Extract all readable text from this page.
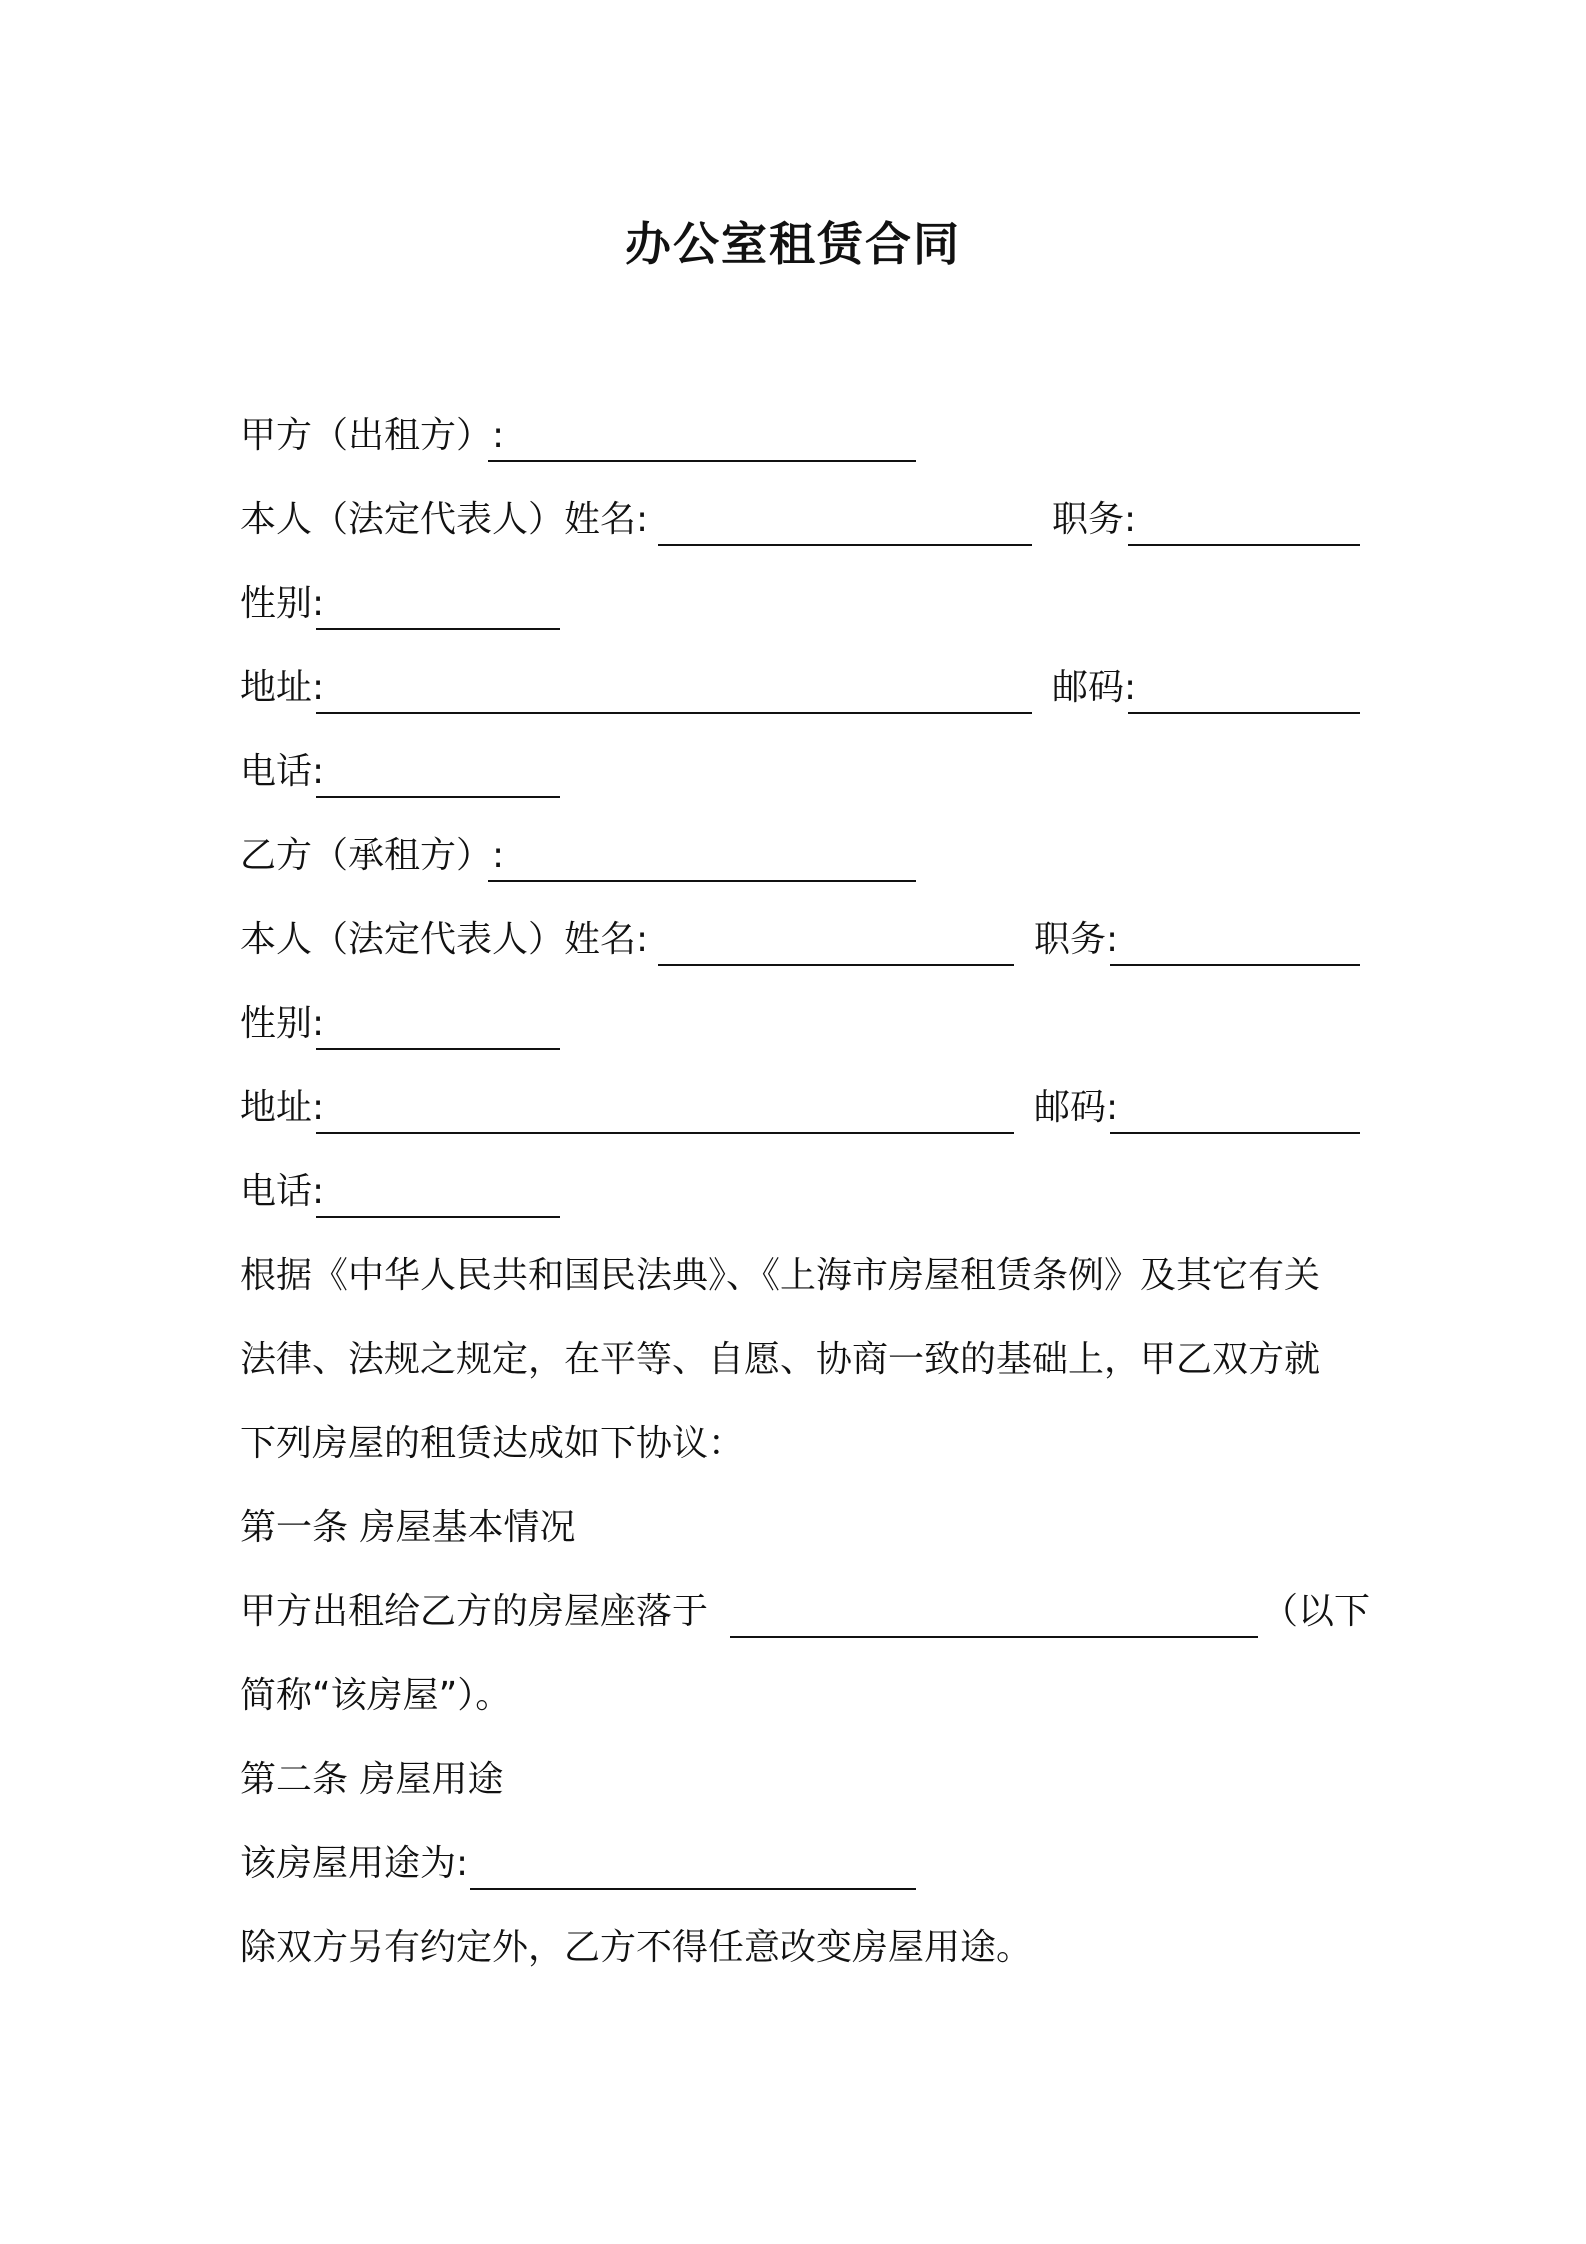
办公室租赁合同
甲方（出租方）:
本人（法定代表人）姓名:	职务:
性别:
地址:	邮码:
电话:
乙方（承租方）:
本人（法定代表人）姓名:	职务:
性别:
地址:	邮码:
电话:
根据《中华人民共和国民法典》、《上海市房屋租赁条例》及其它有关
法律、法规之规定，在平等、自愿、协商一致的基础上，甲乙双方就
下列房屋的租赁达成如下协议：
第一条 房屋基本情况
甲方出租给乙方的房屋座落于	（以下
简称“该房屋”）。
第二条 房屋用途
该房屋用途为:
除双方另有约定外，乙方不得任意改变房屋用途。
